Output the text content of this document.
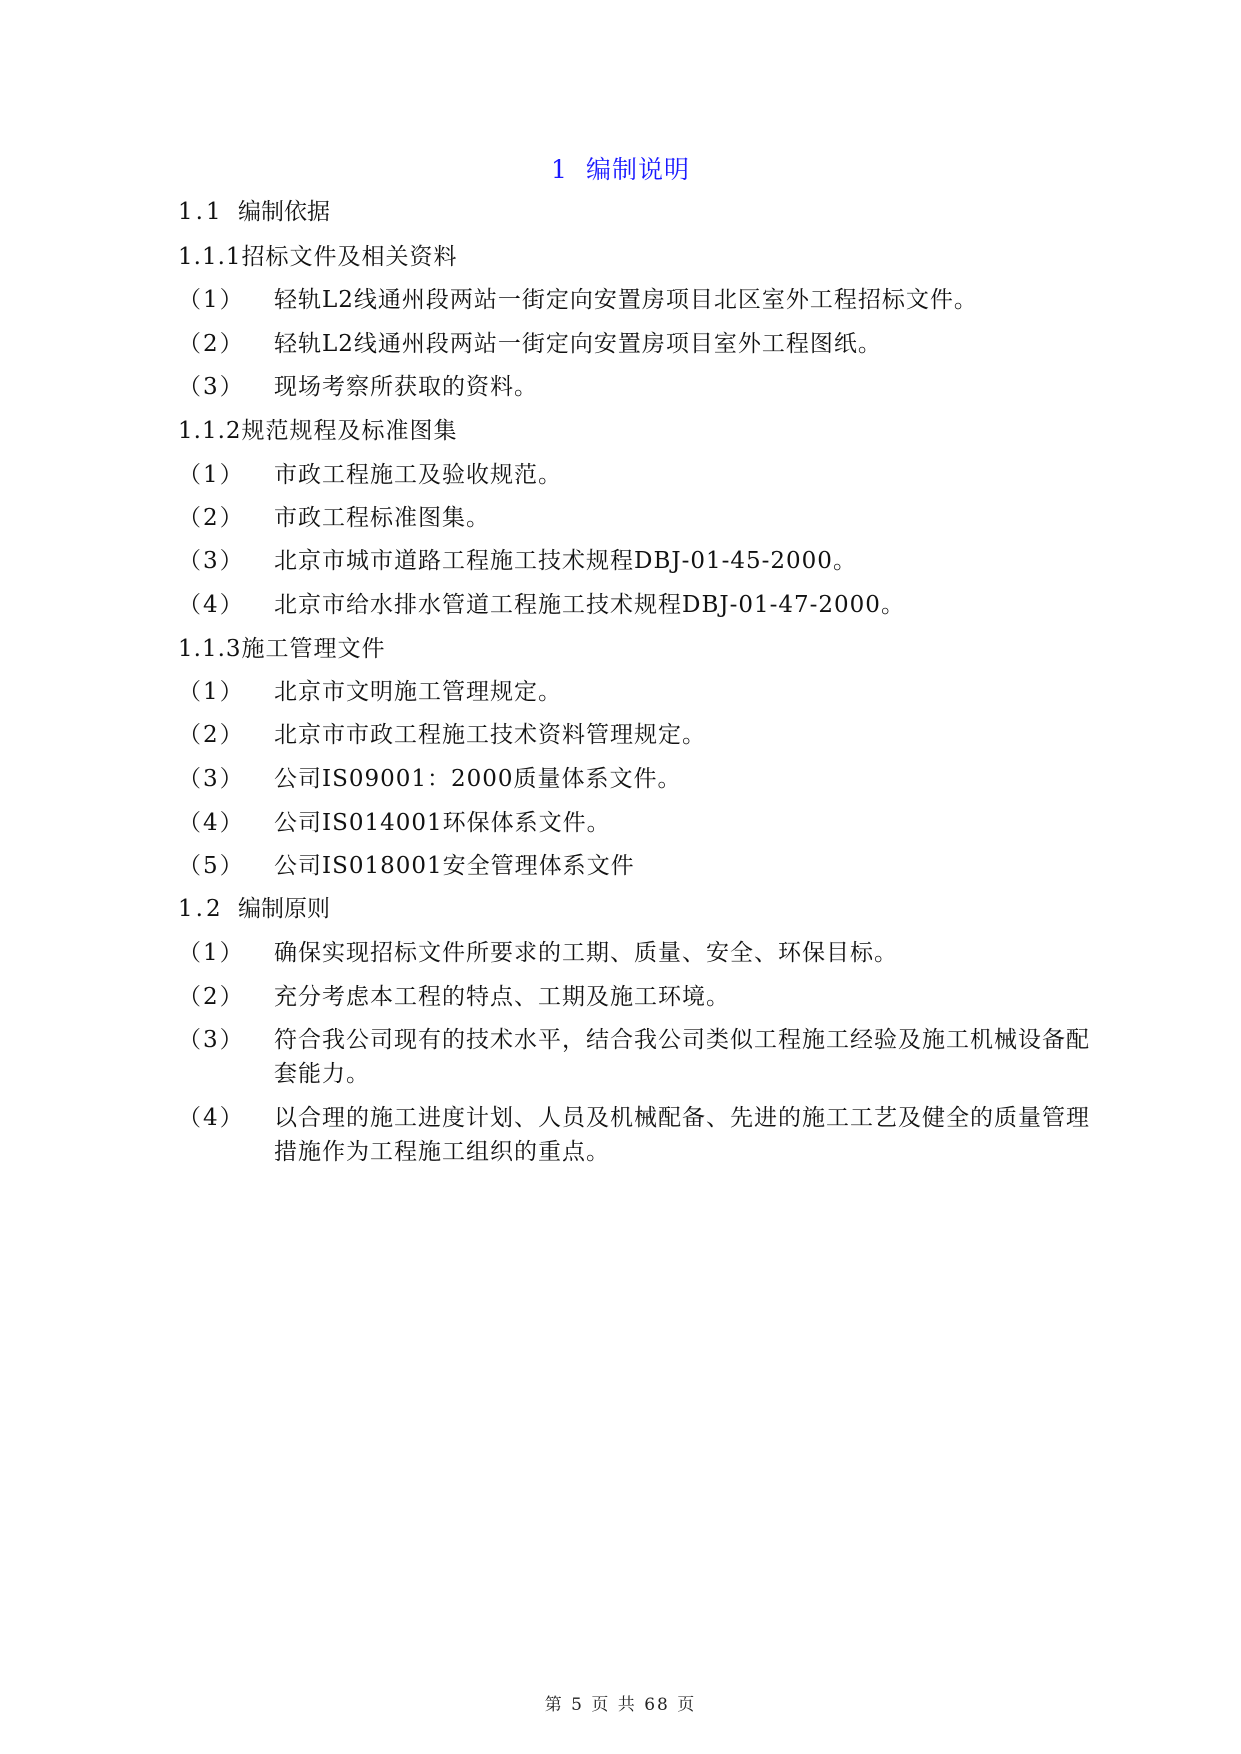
1 编制说明
1.1 编制依据
1.1.1招标文件及相关资料
（1） 轻轨L2线通州段两站一街定向安置房项目北区室外工程招标文件。
（2） 轻轨L2线通州段两站一街定向安置房项目室外工程图纸。
（3） 现场考察所获取的资料。
1.1.2规范规程及标准图集
（1） 市政工程施工及验收规范。
（2） 市政工程标准图集。
（3） 北京市城市道路工程施工技术规程DBJ-01-45-2000。
（4） 北京市给水排水管道工程施工技术规程DBJ-01-47-2000。
1.1.3施工管理文件
（1） 北京市文明施工管理规定。
（2） 北京市市政工程施工技术资料管理规定。
（3） 公司IS09001：2000质量体系文件。
（4） 公司IS014001环保体系文件。
（5） 公司IS018001安全管理体系文件
1.2 编制原则
（1） 确保实现招标文件所要求的工期、质量、安全、环保目标。
（2） 充分考虑本工程的特点、工期及施工环境。
（3） 符合我公司现有的技术水平，结合我公司类似工程施工经验及施工机械设备配套能力。
（4） 以合理的施工进度计划、人员及机械配备、先进的施工工艺及健全的质量管理措施作为工程施工组织的重点。
第 5 页 共 68 页
